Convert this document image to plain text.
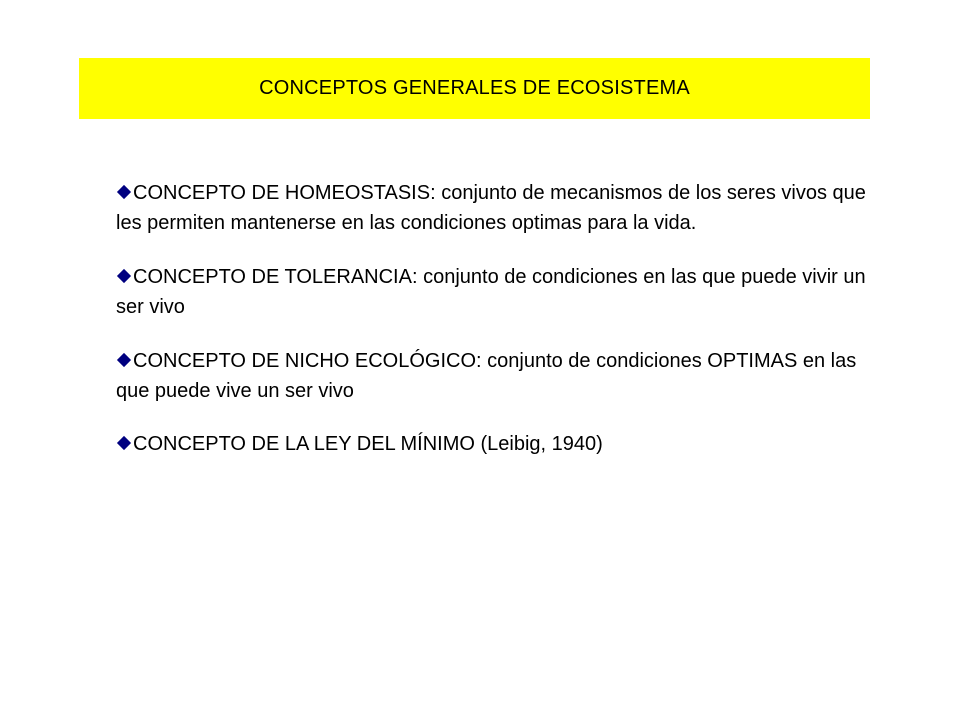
CONCEPTOS GENERALES DE ECOSISTEMA

CONCEPTO DE HOMEOSTASIS: conjunto de mecanismos de los seres vivos que les permiten mantenerse en las condiciones optimas para la vida.

CONCEPTO DE TOLERANCIA: conjunto de condiciones en las que puede vivir un ser vivo

CONCEPTO DE NICHO ECOLÓGICO: conjunto de condiciones OPTIMAS en las que puede vive un ser vivo

CONCEPTO DE LA LEY DEL MÍNIMO (Leibig, 1940)
